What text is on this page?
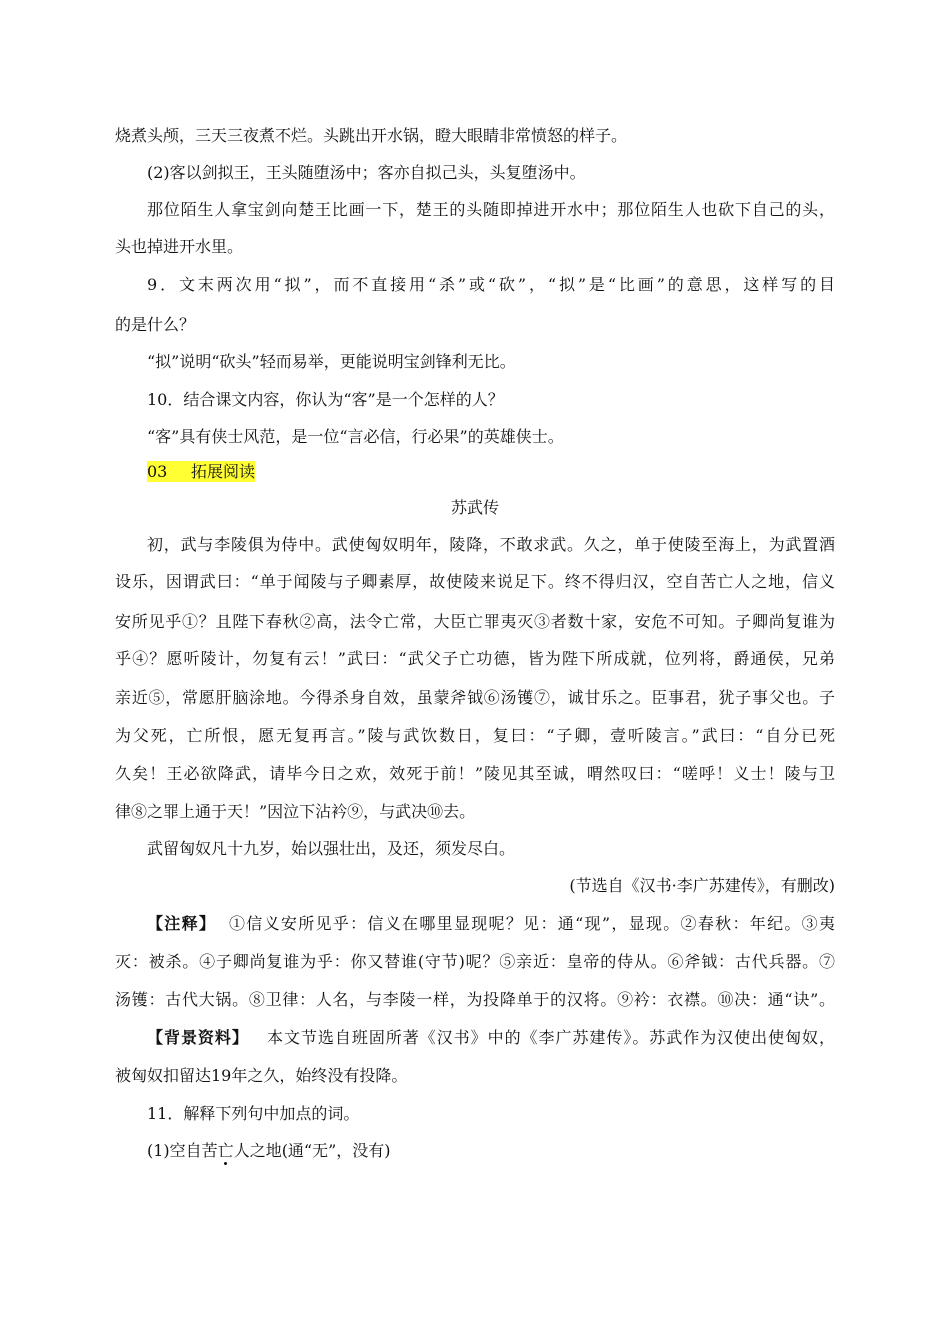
烧煮头颅，三天三夜煮不烂。头跳出开水锅，瞪大眼睛非常愤怒的样子。
(2)客以剑拟王，王头随堕汤中；客亦自拟己头，头复堕汤中。
那位陌生人拿宝剑向楚王比画一下，楚王的头随即掉进开水中；那位陌生人也砍下自己的头，
头也掉进开水里。
9．文末两次用“拟”，而不直接用“杀”或“砍”，“拟”是“比画”的意思，这样写的目
的是什么？
“拟”说明“砍头”轻而易举，更能说明宝剑锋利无比。
10．结合课文内容，你认为“客”是一个怎样的人？
“客”具有侠士风范，是一位“言必信，行必果”的英雄侠士。
03 拓展阅读
苏武传
初，武与李陵俱为侍中。武使匈奴明年，陵降，不敢求武。久之，单于使陵至海上，为武置酒
设乐，因谓武曰：“单于闻陵与子卿素厚，故使陵来说足下。终不得归汉，空自苦亡人之地，信义
安所见乎①？且陛下春秋②高，法令亡常，大臣亡罪夷灭③者数十家，安危不可知。子卿尚复谁为
乎④？愿听陵计，勿复有云！”武曰：“武父子亡功德，皆为陛下所成就，位列将，爵通侯，兄弟
亲近⑤，常愿肝脑涂地。今得杀身自效，虽蒙斧钺⑥汤镬⑦，诚甘乐之。臣事君，犹子事父也。子
为父死，亡所恨，愿无复再言。”陵与武饮数日，复曰：“子卿，壹听陵言。”武曰：“自分已死
久矣！王必欲降武，请毕今日之欢，效死于前！”陵见其至诚，喟然叹曰：“嗟呼！义士！陵与卫
律⑧之罪上通于天！”因泣下沾衿⑨，与武决⑩去。
武留匈奴凡十九岁，始以强壮出，及还，须发尽白。
(节选自《汉书·李广苏建传》，有删改)
【注释】 ①信义安所见乎：信义在哪里显现呢？见：通“现”，显现。②春秋：年纪。③夷
灭：被杀。④子卿尚复谁为乎：你又替谁(守节)呢？⑤亲近：皇帝的侍从。⑥斧钺：古代兵器。⑦
汤镬：古代大锅。⑧卫律：人名，与李陵一样，为投降单于的汉将。⑨衿：衣襟。⑩决：通“诀”。
【背景资料】 本文节选自班固所著《汉书》中的《李广苏建传》。苏武作为汉使出使匈奴，
被匈奴扣留达19年之久，始终没有投降。
11．解释下列句中加点的词。
(1)空自苦亡人之地(通“无”，没有)
